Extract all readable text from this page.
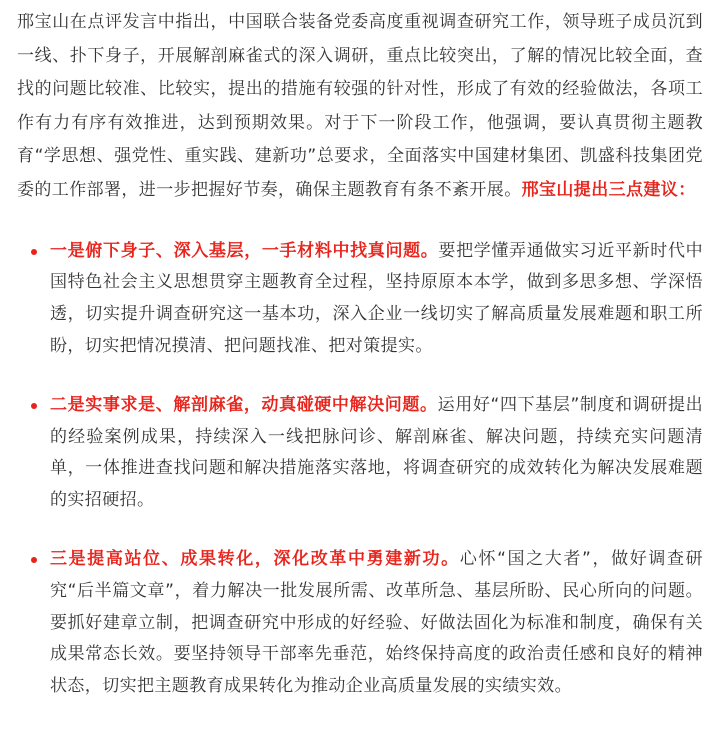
邢宝山在点评发言中指出，中国联合装备党委高度重视调查研究工作，领导班子成员沉到一线、扑下身子，开展解剖麻雀式的深入调研，重点比较突出，了解的情况比较全面，查找的问题比较准、比较实，提出的措施有较强的针对性，形成了有效的经验做法，各项工作有力有序有效推进，达到预期效果。对于下一阶段工作，他强调，要认真贯彻主题教育“学思想、强党性、重实践、建新功”总要求，全面落实中国建材集团、凯盛科技集团党委的工作部署，进一步把握好节奏，确保主题教育有条不紊开展。邢宝山提出三点建议：

一是俯下身子、深入基层，一手材料中找真问题。要把学懂弄通做实习近平新时代中国特色社会主义思想贯穿主题教育全过程，坚持原原本本学，做到多思多想、学深悟透，切实提升调查研究这一基本功，深入企业一线切实了解高质量发展难题和职工所盼，切实把情况摸清、把问题找准、把对策提实。
二是实事求是、解剖麻雀，动真碰硬中解决问题。运用好“四下基层”制度和调研提出的经验案例成果，持续深入一线把脉问诊、解剖麻雀、解决问题，持续充实问题清单，一体推进查找问题和解决措施落实落地，将调查研究的成效转化为解决发展难题的实招硬招。
三是提高站位、成果转化，深化改革中勇建新功。心怀“国之大者”，做好调查研究“后半篇文章”，着力解决一批发展所需、改革所急、基层所盼、民心所向的问题。要抓好建章立制，把调查研究中形成的好经验、好做法固化为标准和制度，确保有关成果常态长效。要坚持领导干部率先垂范，始终保持高度的政治责任感和良好的精神状态，切实把主题教育成果转化为推动企业高质量发展的实绩实效。
